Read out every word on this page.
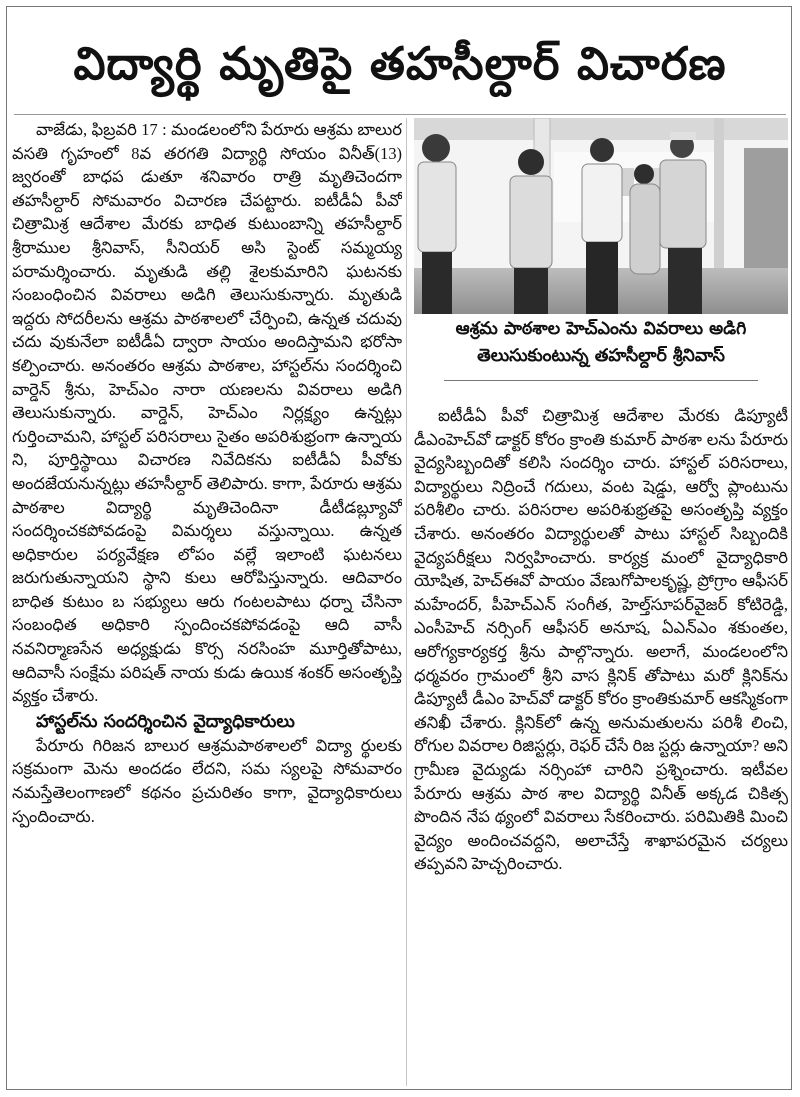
విద్యార్థి మృతిపై తహసీల్దార్ విచారణ

వాజేడు, ఫిబ్రవరి 17 : మండలంలోని పేరూరు ఆశ్రమ బాలుర వసతి గృహంలో 8వ తరగతి విద్యార్థి సోయం వినీత్(13) జ్వరంతో బాధప డుతూ శనివారం రాత్రి మృతిచెందగా తహసీల్దార్ సోమవారం విచారణ చేపట్టారు. ఐటీడీఏ పీవో చిత్రామిశ్ర ఆదేశాల మేరకు బాధిత కుటుంబాన్ని తహసీల్దార్ శ్రీరాముల శ్రీనివాస్, సీనియర్ అసి స్టెంట్ సమ్మయ్య పరామర్శించారు. మృతుడి తల్లి శైలకుమారిని ఘటనకు సంబంధించిన వివరాలు అడిగి తెలుసుకున్నారు. మృతుడి ఇద్దరు సోదరీలను ఆశ్రమ పాఠశాలలో చేర్పించి, ఉన్నత చదువు చదు వుకునేలా ఐటీడీఏ ద్వారా సాయం అందిస్తామని భరోసా కల్పించారు. అనంతరం ఆశ్రమ పాఠశాల, హాస్టల్‌ను సందర్శించి వార్డెన్ శ్రీను, హెచ్ఎం నారా యణలను వివరాలు అడిగి తెలుసుకున్నారు. వార్డెన్, హెచ్ఎం నిర్లక్ష్యం ఉన్నట్లు గుర్తించామని, హాస్టల్ పరిసరాలు సైతం అపరిశుభ్రంగా ఉన్నాయ ని, పూర్తిస్థాయి విచారణ నివేదికను ఐటీడీఏ పీవోకు అందజేయనున్నట్లు తహసీల్దార్ తెలిపారు. కాగా, పేరూరు ఆశ్రమ పాఠశాల విద్యార్థి మృతిచెందినా డీటీడబ్ల్యూవో సందర్శించకపోవడంపై విమర్శలు వస్తున్నాయి. ఉన్నత అధికారుల పర్యవేక్షణ లోపం వల్లే ఇలాంటి ఘటనలు జరుగుతున్నాయని స్థాని కులు ఆరోపిస్తున్నారు. ఆదివారం బాధిత కుటుం బ సభ్యులు ఆరు గంటలపాటు ధర్నా చేసినా సంబంధిత అధికారి స్పందించకపోవడంపై ఆది వాసీ నవనిర్మాణసేన అధ్యక్షుడు కొర్స నరసింహ మూర్తితోపాటు, ఆదివాసీ సంక్షేమ పరిషత్ నాయ కుడు ఉయిక శంకర్ అసంతృప్తి వ్యక్తం చేశారు.

హాస్టల్‌ను సందర్శించిన వైద్యాధికారులు

పేరూరు గిరిజన బాలుర ఆశ్రమపాఠశాలలో విద్యా ర్థులకు సక్రమంగా మెను అందడం లేదని, సమ స్యలపై సోమవారం నమస్తేతెలంగాణలో కథనం ప్రచురితం కాగా, వైద్యాధికారులు స్పందించారు.

ఆశ్రమ పాఠశాల హెచ్ఎంను వివరాలు అడిగి
తెలుసుకుంటున్న తహసీల్దార్ శ్రీనివాస్

ఐటీడీఏ పీవో చిత్రామిశ్ర ఆదేశాల మేరకు డిప్యూటీ డీఎంహెచ్‌వో డాక్టర్ కోరం క్రాంతి కుమార్ పాఠశా లను పేరూరు వైద్యసిబ్బందితో కలిసి సందర్శిం చారు. హాస్టల్ పరిసరాలు, విద్యార్థులు నిద్రించే గదులు, వంట షెడ్డు, ఆర్వో ప్లాంటును పరిశీలిం చారు. పరిసరాల అపరిశుభ్రతపై అసంతృప్తి వ్యక్తం చేశారు. అనంతరం విద్యార్థులతో పాటు హాస్టల్ సిబ్బందికి వైద్యపరీక్షలు నిర్వహించారు. కార్యక్ర మంలో వైద్యాధికారి యోషిత, హెచ్ఈవో పాయం వేణుగోపాలకృష్ణ, ప్రోగ్రాం ఆఫీసర్ మహేందర్, పీహెచ్ఎన్ సంగీత, హెల్త్‌సూపర్‌వైజర్ కోటిరెడ్డి, ఎంసీహెచ్ నర్సింగ్ ఆఫీసర్ అనూష, ఏఎన్ఎం శకుంతల, ఆరోగ్యకార్యకర్త శ్రీను పాల్గొన్నారు. అలాగే, మండలంలోని ధర్మవరం గ్రామంలో శ్రీని వాస క్లినిక్ తోపాటు మరో క్లినిక్‌ను డిప్యూటీ డీఎం హెచ్‌వో డాక్టర్ కోరం క్రాంతికుమార్ ఆకస్మికంగా తనిఖీ చేశారు. క్లినిక్‌లో ఉన్న అనుమతులను పరిశీ లించి, రోగుల వివరాల రిజిస్టర్లు, రెఫర్ చేసే రిజ స్టర్లు ఉన్నాయా? అని గ్రామీణ వైద్యుడు నర్సింహా చారిని ప్రశ్నించారు. ఇటీవల పేరూరు ఆశ్రమ పాఠ శాల విద్యార్థి వినీత్ అక్కడ చికిత్స పొందిన నేప థ్యంలో వివరాలు సేకరించారు. పరిమితికి మించి వైద్యం అందించవద్దని, అలాచేస్తే శాఖాపరమైన చర్యలు తప్పవని హెచ్చరించారు.
